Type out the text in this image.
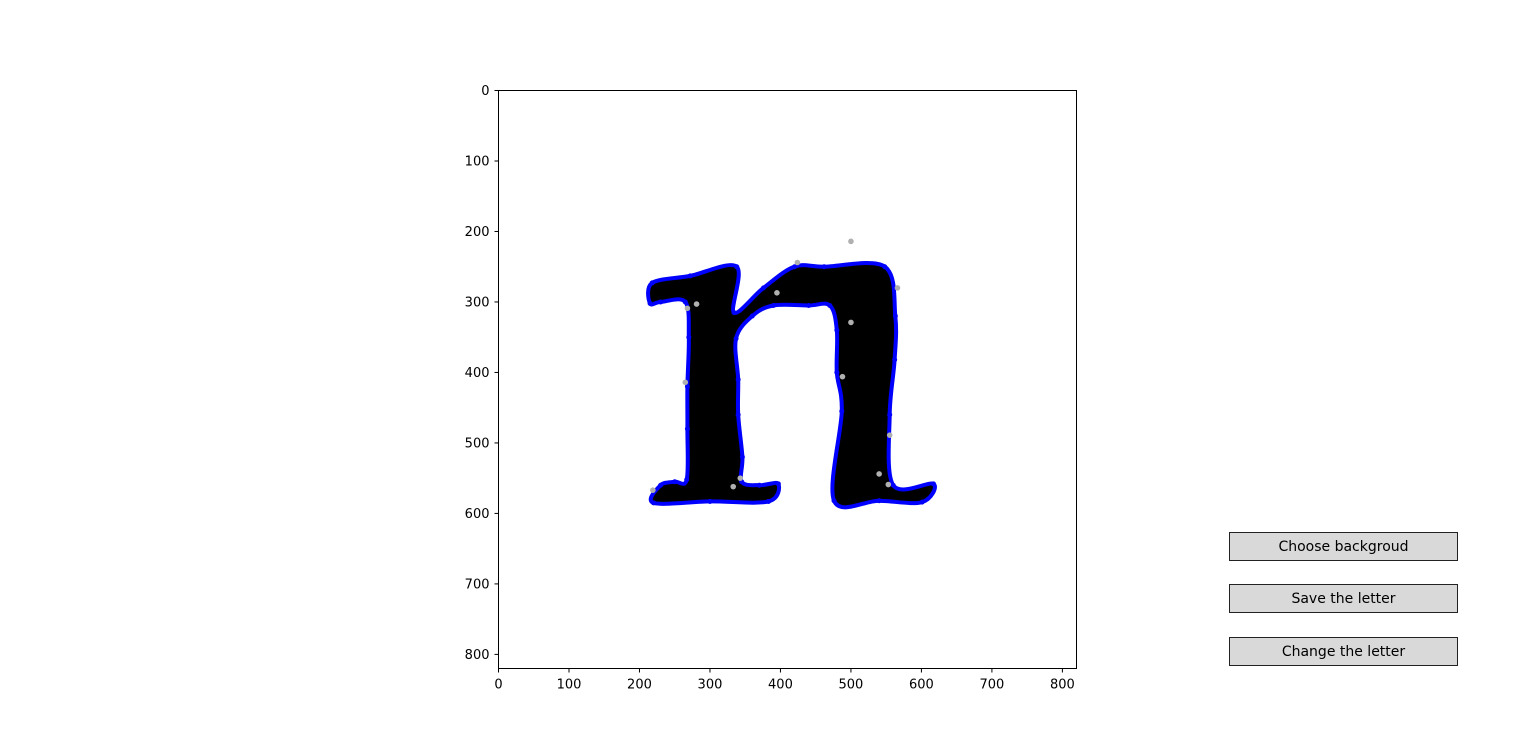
0	100	200	300	400	500	600	700	800
0
100
200
300
400
500
600
700
800
Choose backgroud
Save the letter
Change the letter
